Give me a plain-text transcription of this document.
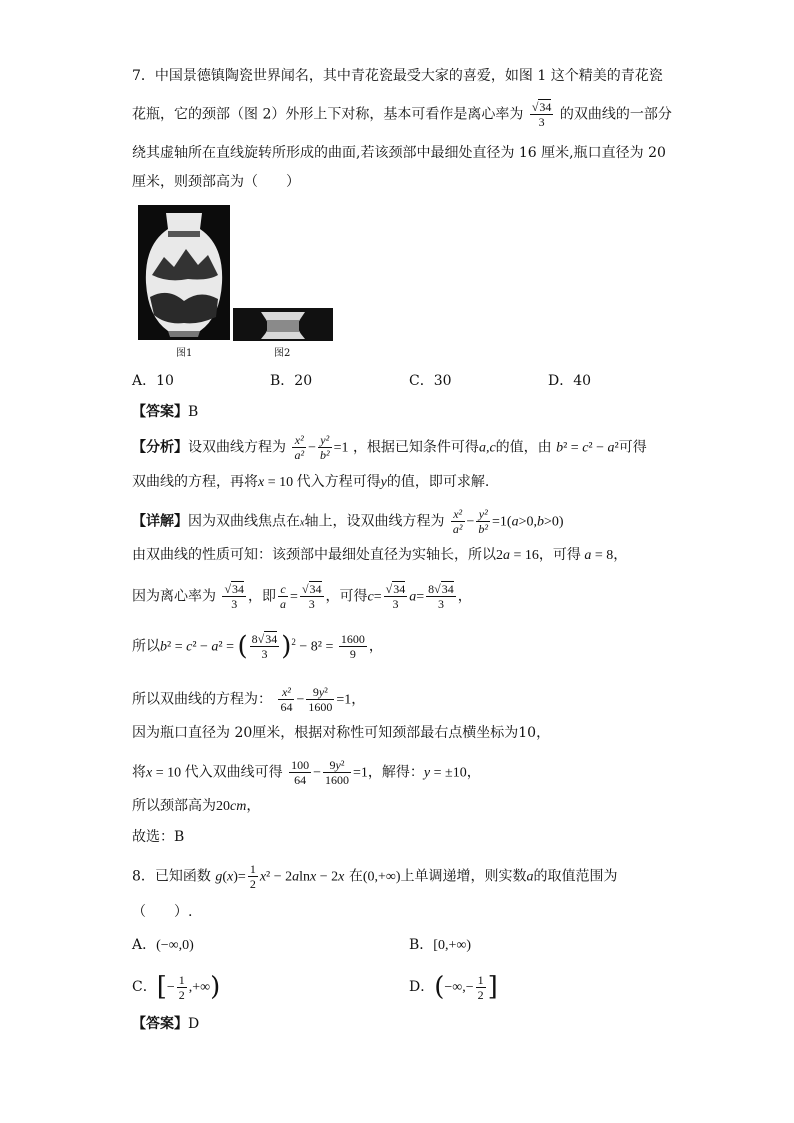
7．中国景德镇陶瓷世界闻名，其中青花瓷最受大家的喜爱，如图 1 这个精美的青花瓷
花瓶，它的颈部（图 2）外形上下对称，基本可看作是离心率为 $\frac{√34}{3}$ 的双曲线的一部分
绕其虚轴所在直线旋转所形成的曲面,若该颈部中最细处直径为 16 厘米,瓶口直径为 20
厘米，则颈部高为（　　）
图1	图2
A．10	B．20	C．30	D．40
【答案】B
【分析】设双曲线方程为 $\frac{\text{x²}}{\text{a²}} - \frac{\text{y²}}{\text{b²}} =1$ ，根据已知条件可得a,c的值，由 b² = c² − a²可得
双曲线的方程，再将x = 10 代入方程可得y的值，即可求解.
【详解】因为双曲线焦点在x轴上，设双曲线方程为 $\frac{\text{x²}}{\text{a²}} - \frac{\text{y²}}{\text{b²}} =1(a>0,b>0)$
由双曲线的性质可知：该颈部中最细处直径为实轴长，所以2a = 16，可得 a = 8，
因为离心率为 $\frac{√34}{3}$ ，即 $\frac{c}{a} = \frac{√34}{3}$ ，可得$c= \frac{√34}{3} a= \frac{8√34}{3}$ ，
所以b² = c² − a² = ( $\frac{8√34}{3} )^2 - 8^2 = \frac{1600}{9}$ ，
所以双曲线的方程为： $\frac{\text{x²}}{64} - \frac{\text{9y²}}{1600} =1$，
因为瓶口直径为 20厘米，根据对称性可知颈部最右点横坐标为10，
将x = 10 代入双曲线可得 $\frac{100}{64} - \frac{\text{9y²}}{1600} =1$，解得：y = ±10，
所以颈部高为20cm，
故选：B
8．已知函数 $g(x)= \frac{1}{2} x^2 - 2alnx - 2x$ 在(0,+∞)上单调递增，则实数a的取值范围为
（　　）.
A．(−∞,0)	B．[0,+∞)
C．[− $\frac{1}{2}$ ,+∞)	D．(−∞,− $\frac{1}{2}$ ]
【答案】D
